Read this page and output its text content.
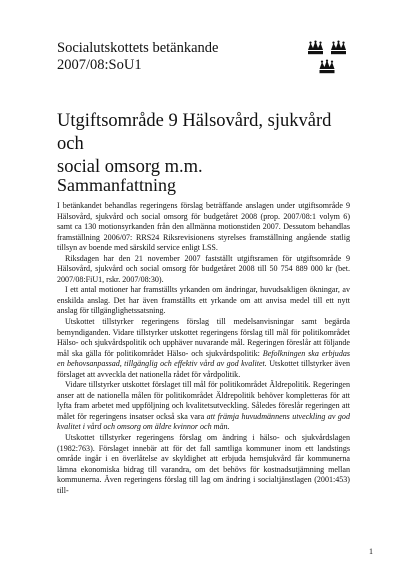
Socialutskottets betänkande
2007/08:SoU1
Utgiftsområde 9 Hälsovård, sjukvård och
social omsorg m.m.
Sammanfattning

I betänkandet behandlas regeringens förslag beträffande anslagen under utgiftsområde 9 Hälsovård, sjukvård och social omsorg för budgetåret 2008 (prop. 2007/08:1 volym 6) samt ca 130 motionsyrkanden från den allmänna motionstiden 2007. Dessutom behandlas framställning 2006/07: RRS24 Riksrevisionens styrelses framställning angående statlig tillsyn av boende med särskild service enligt LSS.

Riksdagen har den 21 november 2007 fastställt utgiftsramen för utgiftsområde 9 Hälsovård, sjukvård och social omsorg för budgetåret 2008 till 50 754 889 000 kr (bet. 2007/08:FiU1, rskr. 2007/08:30).

I ett antal motioner har framställts yrkanden om ändringar, huvudsakligen ökningar, av enskilda anslag. Det har även framställts ett yrkande om att anvisa medel till ett nytt anslag för tillgänglighetssatsning.

Utskottet tillstyrker regeringens förslag till medelsanvisningar samt begärda bemyndiganden. Vidare tillstyrker utskottet regeringens förslag till mål för politikområdet Hälso- och sjukvårdspolitik och upphäver nuvarande mål. Regeringen föreslår att följande mål ska gälla för politikområdet Hälso- och sjukvårdspolitik: Befolkningen ska erbjudas en behovsanpassad, tillgänglig och effektiv vård av god kvalitet. Utskottet tillstyrker även förslaget att avveckla det nationella rådet för vårdpolitik.

Vidare tillstyrker utskottet förslaget till mål för politikområdet Äldrepolitik. Regeringen anser att de nationella målen för politikområdet Äldrepolitik behöver kompletteras för att lyfta fram arbetet med uppföljning och kvalitetsutveckling. Således föreslår regeringen att målet för regeringens insatser också ska vara att främja huvudmännens utveckling av god kvalitet i vård och omsorg om äldre kvinnor och män.

Utskottet tillstyrker regeringens förslag om ändring i hälso- och sjukvårdslagen (1982:763). Förslaget innebär att för det fall samtliga kommuner inom ett landstings område ingår i en överlåtelse av skyldighet att erbjuda hemsjukvård får kommunerna lämna ekonomiska bidrag till varandra, om det behövs för kostnadsutjämning mellan kommunerna. Även regeringens förslag till lag om ändring i socialtjänstlagen (2001:453) till-

1
